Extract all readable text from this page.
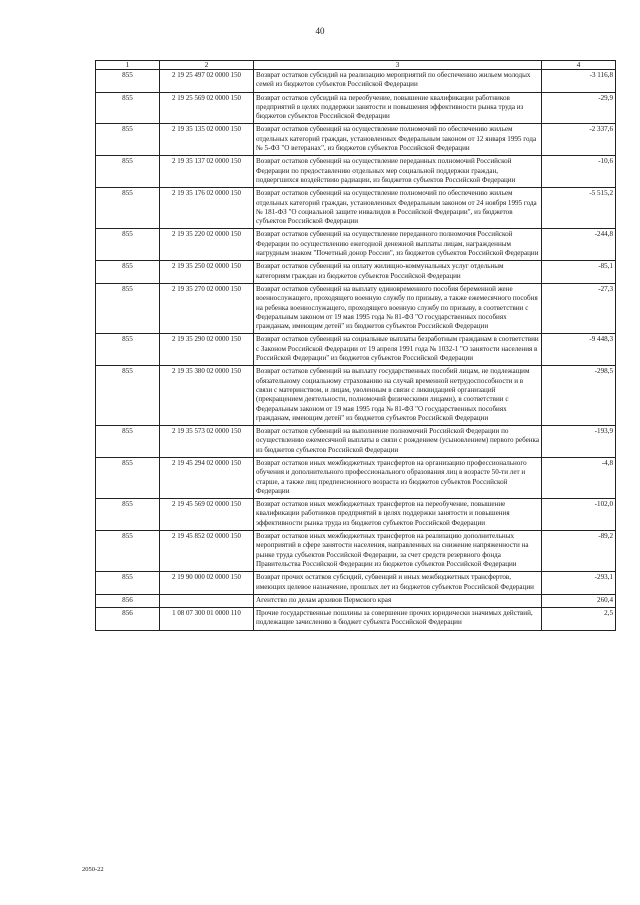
40
1	2	3	4
855	2 19 25 497 02 0000 150	Возврат остатков субсидий на реализацию мероприятий по обеспечению жильем молодых семей из бюджетов субъектов Российской Федерации	-3 116,8
855	2 19 25 569 02 0000 150	Возврат остатков субсидий на переобучение, повышение квалификации работников предприятий в целях поддержки занятости и повышения эффективности рынка труда из бюджетов субъектов Российской Федерации	-29,9
855	2 19 35 135 02 0000 150	Возврат остатков субвенций на осуществление полномочий по обеспечению жильем отдельных категорий граждан, установленных Федеральным законом от 12 января 1995 года № 5-ФЗ "О ветеранах", из бюджетов субъектов Российской Федерации	-2 337,6
855	2 19 35 137 02 0000 150	Возврат остатков субвенций на осуществление переданных полномочий Российской Федерации по предоставлению отдельных мер социальной поддержки граждан, подвергшихся воздействию радиации, из бюджетов субъектов Российской Федерации	-10,6
855	2 19 35 176 02 0000 150	Возврат остатков субвенций на осуществление полномочий по обеспечению жильем отдельных категорий граждан, установленных Федеральным законом от 24 ноября 1995 года № 181-ФЗ "О социальной защите инвалидов в Российской Федерации", из бюджетов субъектов Российской Федерации	-5 515,2
855	2 19 35 220 02 0000 150	Возврат остатков субвенций на осуществление переданного полномочия Российской Федерации по осуществлению ежегодной денежной выплаты лицам, награжденным нагрудным знаком "Почетный донор России", из бюджетов субъектов Российской Федерации	-244,8
855	2 19 35 250 02 0000 150	Возврат остатков субвенций на оплату жилищно-коммунальных услуг отдельным категориям граждан из бюджетов субъектов Российской Федерации	-85,1
855	2 19 35 270 02 0000 150	Возврат остатков субвенций на выплату единовременного пособия беременной жене военнослужащего, проходящего военную службу по призыву, а также ежемесячного пособия на ребенка военнослужащего, проходящего военную службу по призыву, в соответствии с Федеральным законом от 19 мая 1995 года № 81-ФЗ "О государственных пособиях гражданам, имеющим детей" из бюджетов субъектов Российской Федерации	-27,3
855	2 19 35 290 02 0000 150	Возврат остатков субвенций на социальные выплаты безработным гражданам в соответствии с Законом Российской Федерации от 19 апреля 1991 года № 1032-1 "О занятости населения в Российской Федерации" из бюджетов субъектов Российской Федерации	-9 448,3
855	2 19 35 380 02 0000 150	Возврат остатков субвенций на выплату государственных пособий лицам, не подлежащим обязательному социальному страхованию на случай временной нетрудоспособности и в связи с материнством, и лицам, уволенным в связи с ликвидацией организаций (прекращением деятельности, полномочий физическими лицами), в соответствии с Федеральным законом от 19 мая 1995 года № 81-ФЗ "О государственных пособиях гражданам, имеющим детей" из бюджетов субъектов Российской Федерации	-298,5
855	2 19 35 573 02 0000 150	Возврат остатков субвенций на выполнение полномочий Российской Федерации по осуществлению ежемесячной выплаты в связи с рождением (усыновлением) первого ребенка из бюджетов субъектов Российской Федерации	-193,9
855	2 19 45 294 02 0000 150	Возврат остатков иных межбюджетных трансфертов на организацию профессионального обучения и дополнительного профессионального образования лиц в возрасте 50-ти лет и старше, а также лиц предпенсионного возраста из бюджетов субъектов Российской Федерации	-4,8
855	2 19 45 569 02 0000 150	Возврат остатков иных межбюджетных трансфертов на переобучение, повышение квалификации работников предприятий в целях поддержки занятости и повышения эффективности рынка труда из бюджетов субъектов Российской Федерации	-102,0
855	2 19 45 852 02 0000 150	Возврат остатков иных межбюджетных трансфертов на реализацию дополнительных мероприятий в сфере занятости населения, направленных на снижение напряженности на рынке труда субъектов Российской Федерации, за счет средств резервного фонда Правительства Российской Федерации из бюджетов субъектов Российской Федерации	-89,2
855	2 19 90 000 02 0000 150	Возврат прочих остатков субсидий, субвенций и иных межбюджетных трансфертов, имеющих целевое назначение, прошлых лет из бюджетов субъектов Российской Федерации	-293,1
856		Агентство по делам архивов Пермского края	260,4
856	1 08 07 300 01 0000 110	Прочие государственные пошлины за совершение прочих юридически значимых действий, подлежащие зачислению в бюджет субъекта Российской Федерации	2,5
2050-22
